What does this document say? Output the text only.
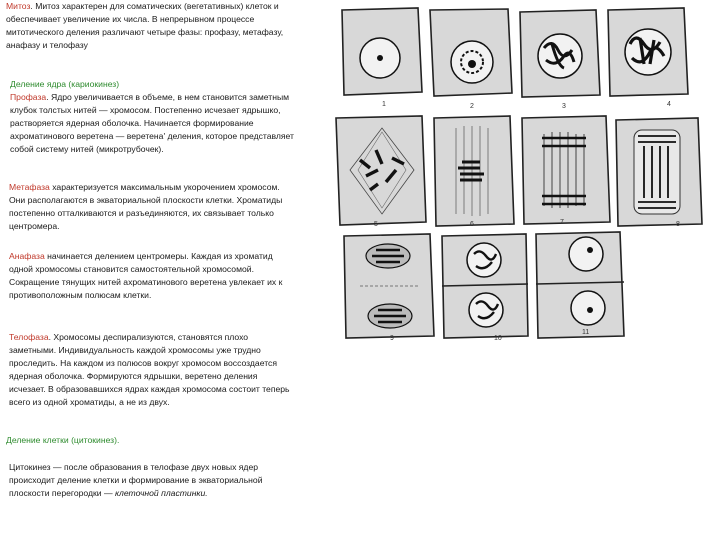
Митоз. Митоз характерен для соматических (вегетативных) клеток и обеспечивает увеличение их числа. В непрерывном процессе митотического деления различают четыре фазы: профазу, метафазу, анафазу и телофазу

Деление ядра (кариокинез)

Профаза. Ядро увеличивается в объеме, в нем становится заметным клубок толстых нитей — хромосом. Постепенно исчезает ядрышко, растворяется ядерная оболочка. Начинается формирование ахроматинового веретена — веретена' деления, которое представляет собой систему нитей (микротрубочек).

Метафаза характеризуется максимальным укорочением хромосом. Они располагаются в экваториальной плоскости клетки. Хроматиды постепенно отталкиваются и разъединяются, их связывает только центромера.

Анафаза начинается делением центромеры. Каждая из хроматид одной хромосомы становится самостоятельной хромосомой. Сокращение тянущих нитей ахроматинового веретена увлекает их к противоположным полюсам клетки.

Телофаза. Хромосомы деспирализуются, становятся плохо заметными. Индивидуальность каждой хромосомы уже трудно проследить. На каждом из полюсов вокруг хромосом воссоздается ядерная оболочка. Формируются ядрышки, веретено деления исчезает. В образовавшихся ядрах каждая хромосома состоит теперь всего из одной хроматиды, а не из двух.

Деление клетки (цитокинез).

Цитокинез — после образования в телофазе двух новых ядер происходит деление клетки и формирование в экваториальной плоскости перегородки — клеточной пластинки.

1	2	3	4
5	6	7	8
9	10
11
